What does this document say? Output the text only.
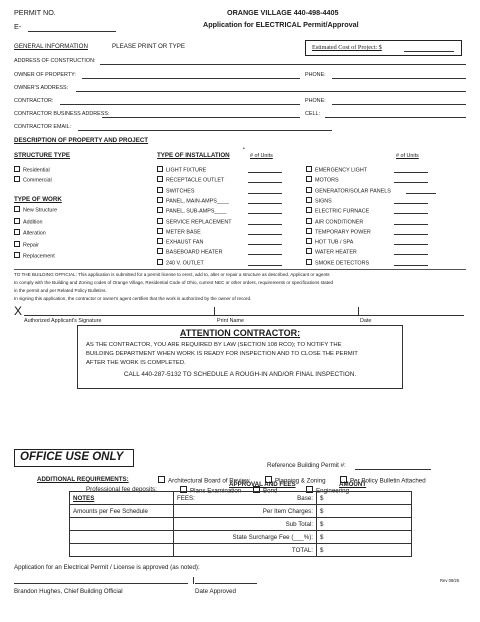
PERMIT NO.
E-
ORANGE VILLAGE 440-498-4405
Application for ELECTRICAL Permit/Approval
GENERAL INFORMATION	PLEASE PRINT OR TYPE	Estimated Cost of Project: $
ADDRESS OF CONSTRUCTION:
OWNER OF PROPERTY:	PHONE:
OWNER'S ADDRESS:
CONTRACTOR:	PHONE:
CONTRACTOR BUSINESS ADDRESS:	CELL:
CONTRACTOR EMAIL:
DESCRIPTION OF PROPERTY AND PROJECT
STRUCTURE TYPE
Residential
Commercial
TYPE OF WORK
New Structure
Addition
Alteration
Repair
Replacement
TYPE OF INSTALLATION	# of Units	# of Units
•
LIGHT FIXTURE
RECEPTACLE OUTLET
SWITCHES
PANEL, MAIN-AMPS____
PANEL, SUB-AMPS____
SERVICE REPLACEMENT
METER BASE
EXHAUST FAN
BASEBOARD HEATER
240 V. OUTLET
EMERGENCY LIGHT
MOTORS
GENERATOR/SOLAR PANELS
SIGNS
ELECTRIC FURNACE
AIR CONDITIONER
TEMPORARY POWER
HOT TUB / SPA
WATER HEATER
SMOKE DETECTORS
TO THE BUILDING OFFICIAL: This application is submitted for a permit license to erect, add to, alter or repair a structure as described. Applicant or agents
to comply with the Building and Zoning codes of Orange Village, Residential Code of Ohio, current NEC or other orders, requirements or specifications stated
in the permit and per Related Policy Bulletins.
In signing this application, the contractor or owner's agent certifies that the work is authorized by the owner of record.
X
Authorized Applicant's Signature	Print Name	Date
ATTENTION CONTRACTOR:
AS THE CONTRACTOR, YOU ARE REQUIRED BY LAW (SECTION 108 RCO); TO NOTIFY THE
BUILDING DEPARTMENT WHEN WORK IS READY FOR INSPECTION AND TO CLOSE THE PERMIT
AFTER THE WORK IS COMPLETED.
CALL 440-287-5132 TO SCHEDULE A ROUGH-IN AND/OR FINAL INSPECTION.
OFFICE USE ONLY
Reference Building Permit #:
ADDITIONAL REQUIREMENTS:	Architectural Board of Review	Planning & Zoning	Per Policy Bulletin Attached
Professional fee deposits:	Plans Examination	Bond	Engineering
APPROVAL AND FEES	AMOUNT
NOTES	FEES: Base:	$
Amounts per Fee Schedule	Per Item Charges:	$
	Sub Total:	$
	State Surcharge Fee (___%):	$
	TOTAL:	$
Application for an Electrical Permit / License is approved (as noted):
Brandon Hughes, Chief Building Official	Date Approved
Rev 08/26
